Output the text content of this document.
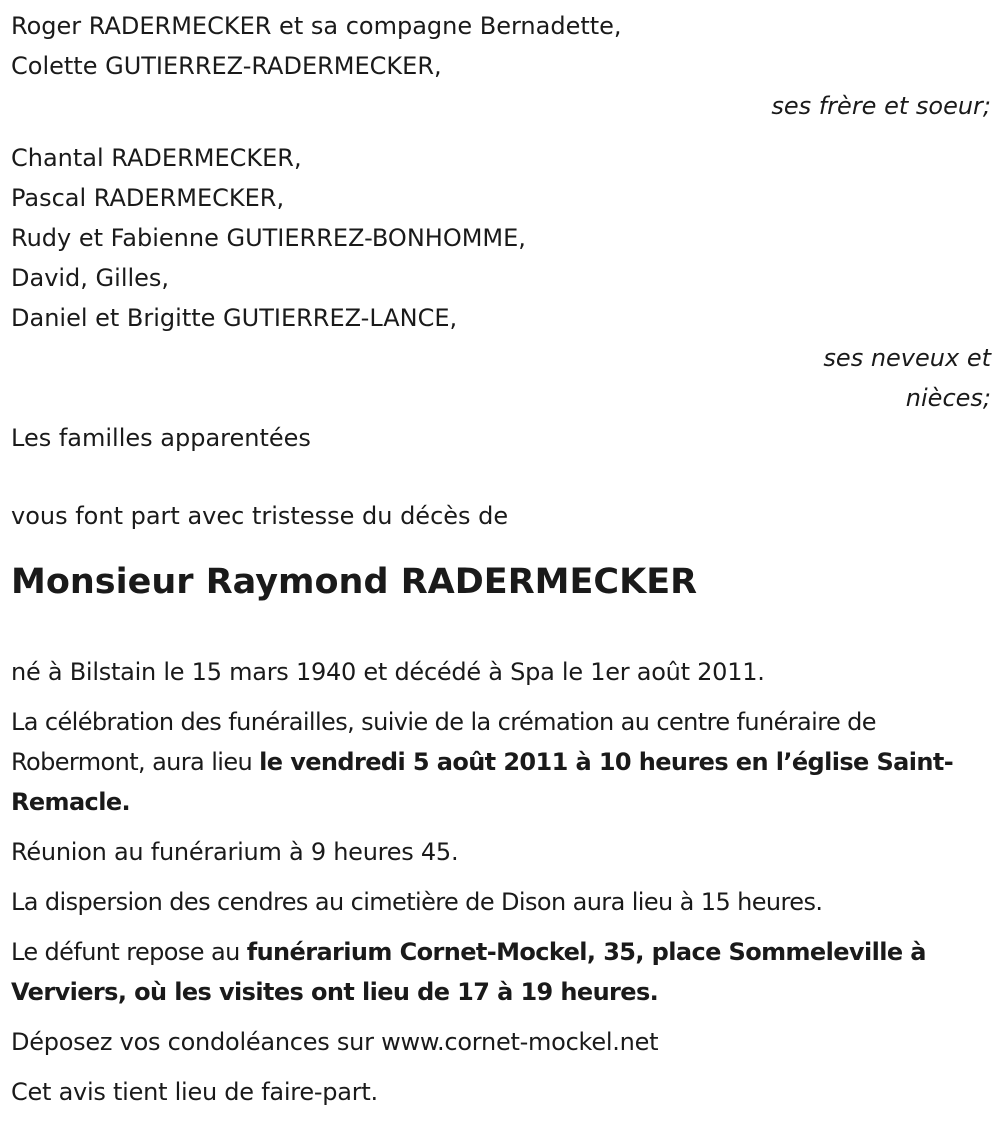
Roger RADERMECKER et sa compagne Bernadette,
Colette GUTIERREZ-RADERMECKER,
ses frère et soeur;
Chantal RADERMECKER,
Pascal RADERMECKER,
Rudy et Fabienne GUTIERREZ-BONHOMME,
David, Gilles,
Daniel et Brigitte GUTIERREZ-LANCE,
ses neveux et
nièces;
Les familles apparentées
vous font part avec tristesse du décès de
Monsieur Raymond RADERMECKER
né à Bilstain le 15 mars 1940 et décédé à Spa le 1er août 2011.
La célébration des funérailles, suivie de la crémation au centre funéraire de Robermont, aura lieu le vendredi 5 août 2011 à 10 heures en l’église Saint-Remacle.
Réunion au funérarium à 9 heures 45.
La dispersion des cendres au cimetière de Dison aura lieu à 15 heures.
Le défunt repose au funérarium Cornet-Mockel, 35, place Sommeleville à Verviers, où les visites ont lieu de 17 à 19 heures.
Déposez vos condoléances sur www.cornet-mockel.net
Cet avis tient lieu de faire-part.
